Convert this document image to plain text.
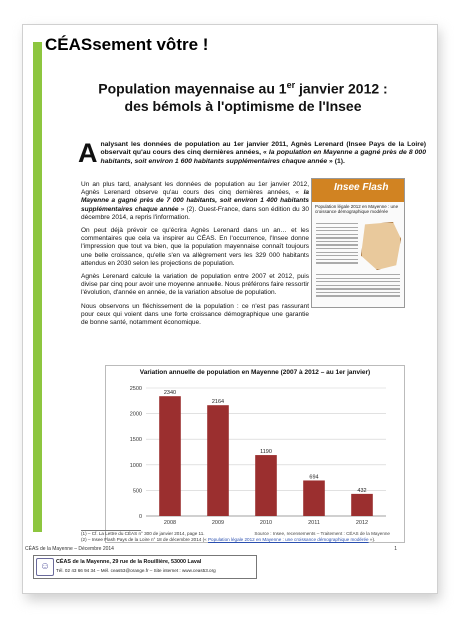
CÉASsement vôtre !
Population mayennaise au 1er janvier 2012 :
des bémols à l'optimisme de l'Insee
Analysant les données de population au 1er janvier 2011, Agnès Lerenard (Insee Pays de la Loire) observait qu'au cours des cinq dernières années, « la population en Mayenne a gagné près de 8 000 habitants, soit environ 1 600 habitants supplémentaires chaque année » (1).

Un an plus tard, analysant les données de population au 1er janvier 2012, Agnès Lerenard observe qu'au cours des cinq dernières années, « la Mayenne a gagné près de 7 000 habitants, soit environ 1 400 habitants supplémentaires chaque année » (2). Ouest-France, dans son édition du 30 décembre 2014, a repris l'information.

On peut déjà prévoir ce qu'écrira Agnès Lerenard dans un an… et les commentaires que cela va inspirer au CÉAS. En l'occurrence, l'Insee donne l'impression que tout va bien, que la population mayennaise connaît toujours une belle croissance, qu'elle s'en va allègrement vers les 329 000 habitants attendus en 2030 selon les projections de population.

Agnès Lerenard calcule la variation de population entre 2007 et 2012, puis divise par cinq pour avoir une moyenne annuelle. Nous préférons faire ressortir l'évolution, d'année en année, de la variation absolue de population.

Nous observons un fléchissement de la population : ce n'est pas rassurant pour ceux qui voient dans une forte croissance démographique une garantie de bonne santé, notamment économique.

Insee Flash
Population légale 2012 en Mayenne : une croissance démographique modérée
Variation annuelle de population en Mayenne (2007 à 2012 – au 1er janvier)
0
500
1000
1500
2000
2500
2340
2008
2164
2009
1190
2010
694
2011
432
2012
Source : Insee, recensements – Traitement : CÉAS de la Mayenne
(1) – Cf. La Lettre du CÉAS n° 300 de janvier 2014, page 11.
(2) – Insee Flash Pays de la Loire n° 18 de décembre 2014 (« Population légale 2012 en Mayenne : une croissance démographique modérée »).
CÉAS de la Mayenne – Décembre 2014	1
☺	CÉAS de la Mayenne, 29 rue de la Rouillière, 53000 Laval
Tél. 02 43 66 94 34 – Mél. ceas53@orange.fr – Site internet : www.ceas53.org
